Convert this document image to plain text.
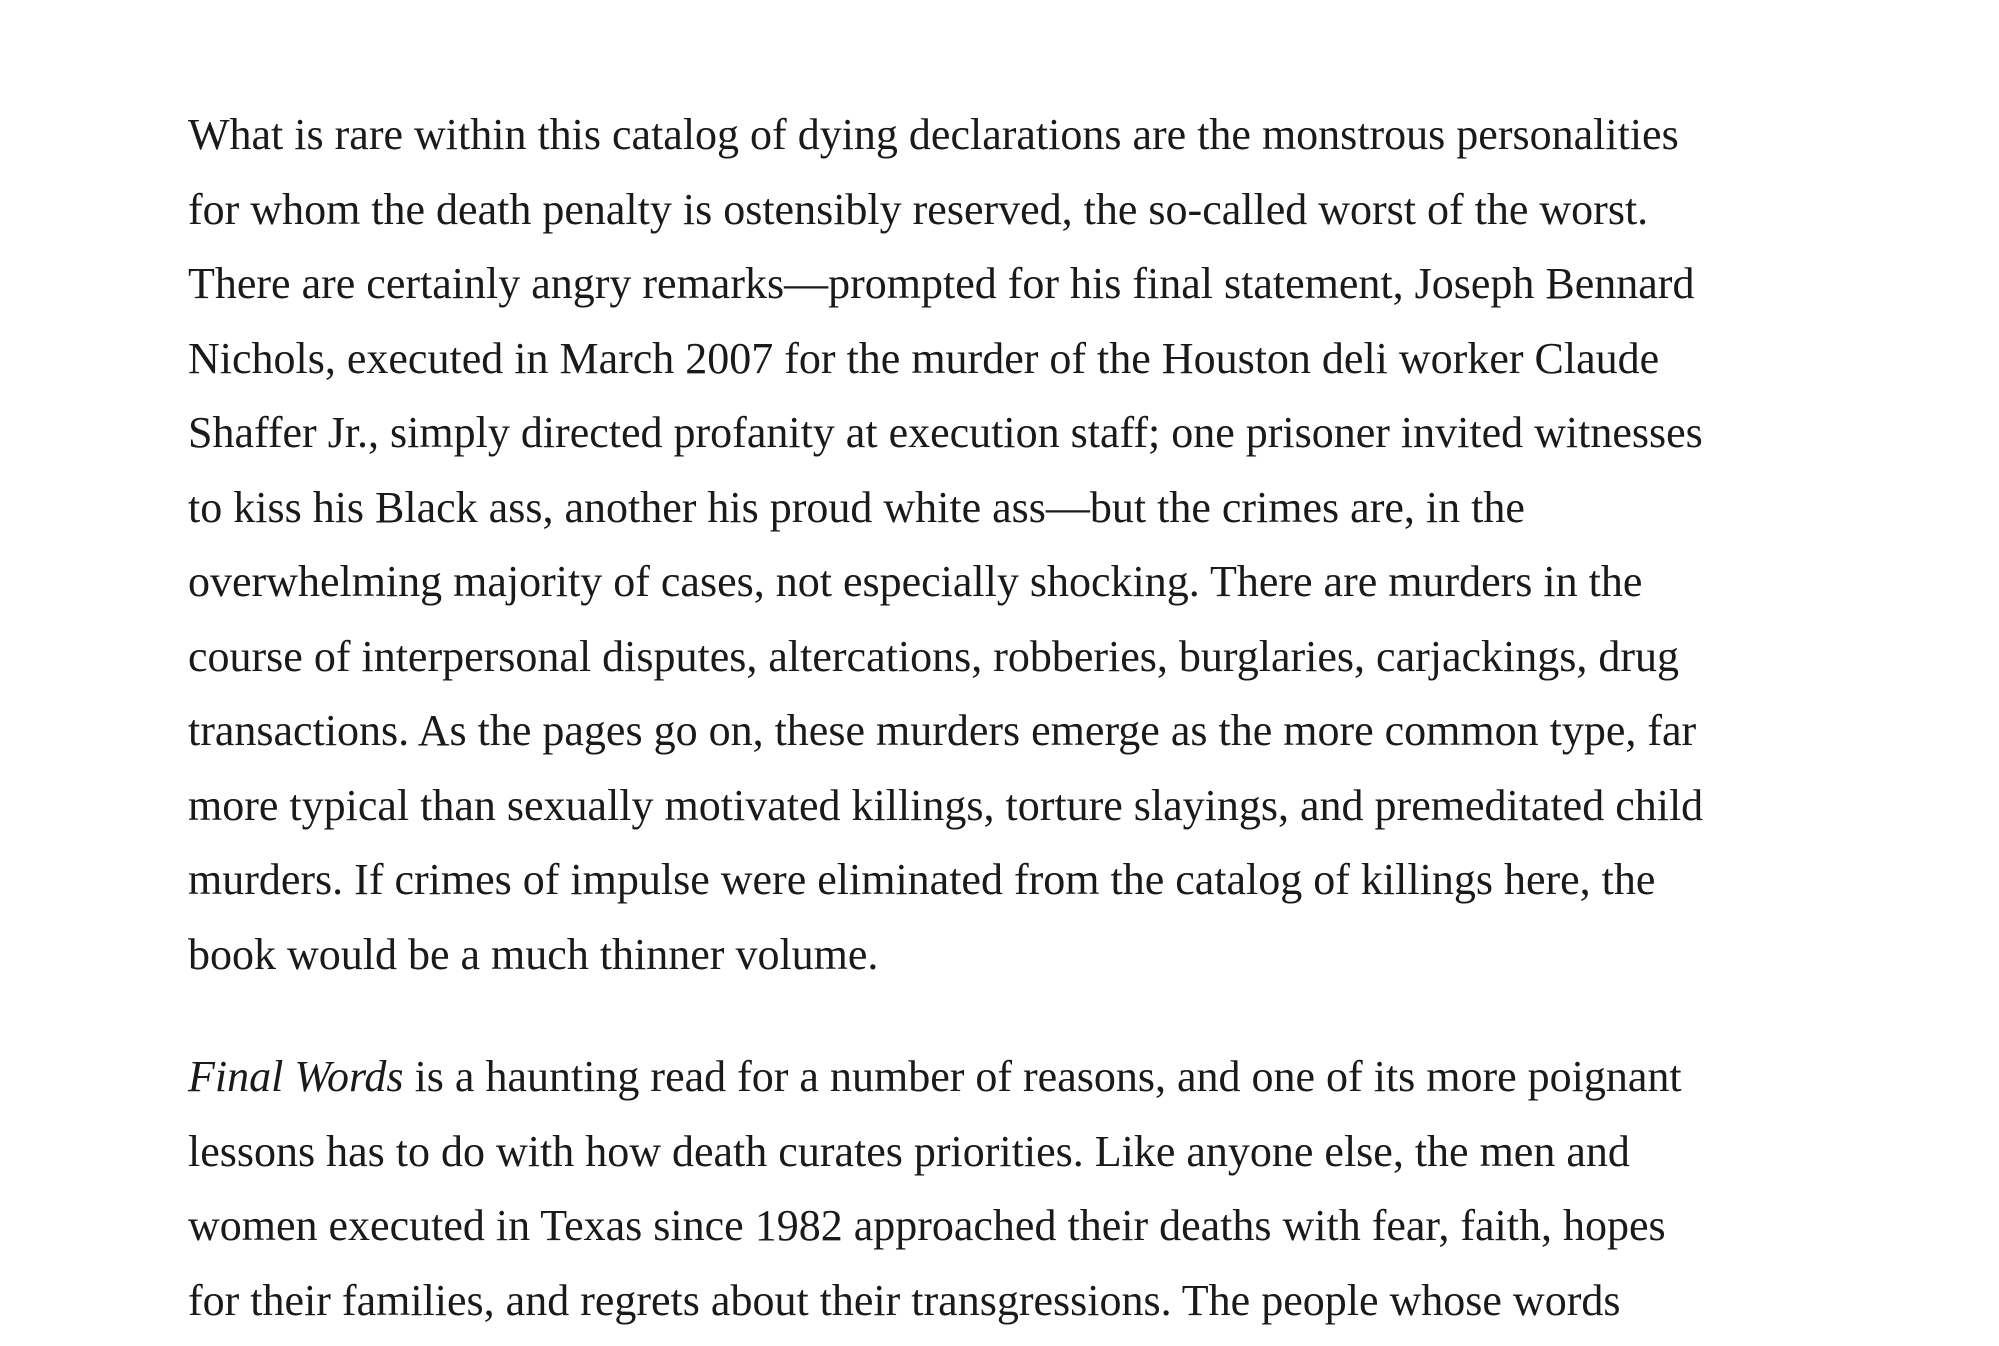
What is rare within this catalog of dying declarations are the monstrous personalities
for whom the death penalty is ostensibly reserved, the so-called worst of the worst.
There are certainly angry remarks—prompted for his final statement, Joseph Bennard
Nichols, executed in March 2007 for the murder of the Houston deli worker Claude
Shaffer Jr., simply directed profanity at execution staff; one prisoner invited witnesses
to kiss his Black ass, another his proud white ass—but the crimes are, in the
overwhelming majority of cases, not especially shocking. There are murders in the
course of interpersonal disputes, altercations, robberies, burglaries, carjackings, drug
transactions. As the pages go on, these murders emerge as the more common type, far
more typical than sexually motivated killings, torture slayings, and premeditated child
murders. If crimes of impulse were eliminated from the catalog of killings here, the
book would be a much thinner volume.

Final Words is a haunting read for a number of reasons, and one of its more poignant
lessons has to do with how death curates priorities. Like anyone else, the men and
women executed in Texas since 1982 approached their deaths with fear, faith, hopes
for their families, and regrets about their transgressions. The people whose words
